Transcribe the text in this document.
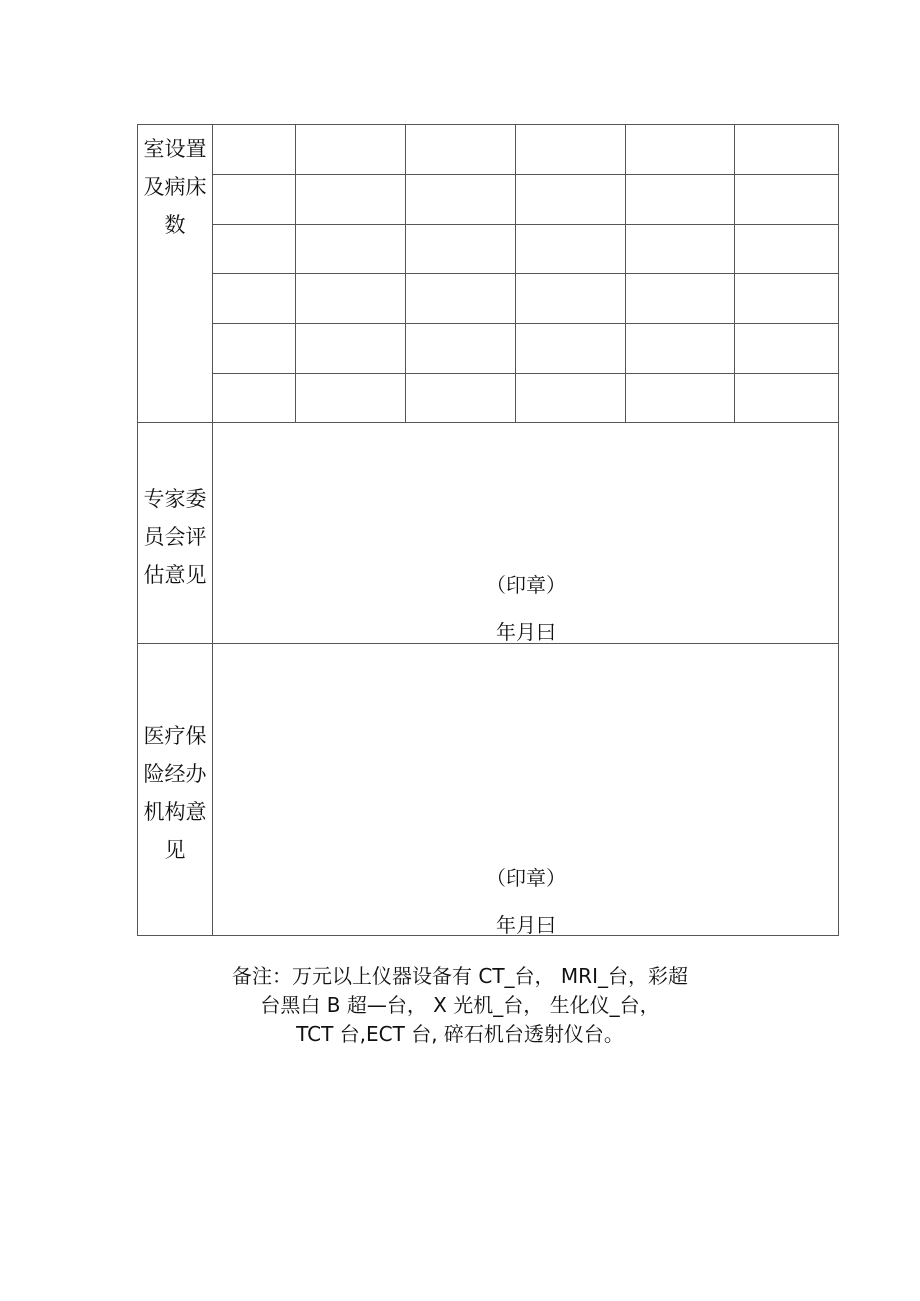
室设置
及病床
数
专家委
员会评
估意见	（印章）
年月曰
医疗保
险经办
机构意
见
（印章）
年月曰
备注：万元以上仪器设备有 CT_台， MRI_台，彩超
台黑白 B 超—台， X 光机_台， 生化仪_台，
TCT 台,ECT 台, 碎石机台透射仪台。
